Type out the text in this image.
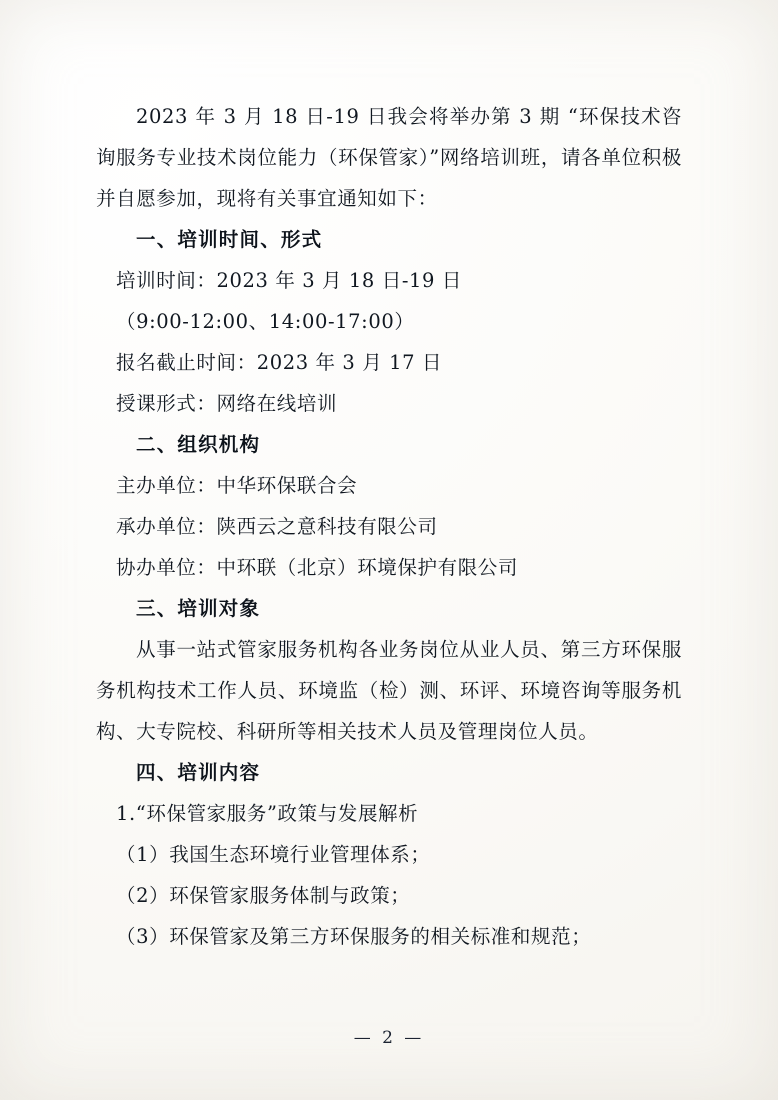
2023 年 3 月 18 日-19 日我会将举办第 3 期 “环保技术咨询服务专业技术岗位能力（环保管家）”网络培训班，请各单位积极并自愿参加，现将有关事宜通知如下：

一、培训时间、形式

培训时间：2023 年 3 月 18 日-19 日

（9:00-12:00、14:00-17:00）

报名截止时间：2023 年 3 月 17 日

授课形式：网络在线培训

二、组织机构

主办单位：中华环保联合会

承办单位：陕西云之意科技有限公司

协办单位：中环联（北京）环境保护有限公司

三、培训对象

从事一站式管家服务机构各业务岗位从业人员、第三方环保服务机构技术工作人员、环境监（检）测、环评、环境咨询等服务机构、大专院校、科研所等相关技术人员及管理岗位人员。

四、培训内容

1.“环保管家服务”政策与发展解析

（1）我国生态环境行业管理体系；

（2）环保管家服务体制与政策；

（3）环保管家及第三方环保服务的相关标准和规范；

— 2 —
